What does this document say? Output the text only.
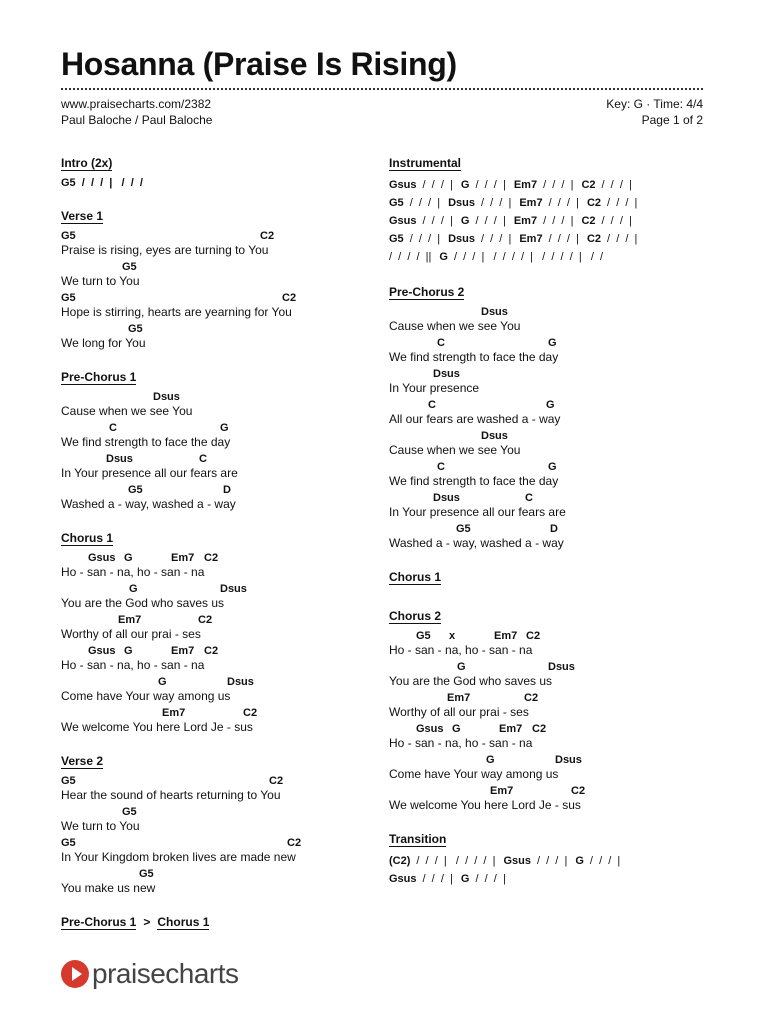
Hosanna (Praise Is Rising)
www.praisecharts.com/2382
Paul Baloche / Paul Baloche
Key: G · Time: 4/4
Page 1 of 2
Intro (2x)
G5  /  /  /  |   /  /  /
Verse 1
G5	C2
Praise is rising, eyes are turning to You
G5
We turn to You
G5	C2
Hope is stirring, hearts are yearning for You
G5
We long for You
Pre-Chorus 1
Dsus
Cause when we see You
C	G
We find strength to face the day
Dsus	C
In Your presence all our fears are
G5	D
Washed a - way, washed a - way
Chorus 1
Gsus G	Em7 C2
Ho - san - na, ho - san - na
G	Dsus
You are the God who saves us
Em7	C2
Worthy of all our prai - ses
Gsus G	Em7 C2
Ho - san - na, ho - san - na
G	Dsus
Come have Your way among us
Em7	C2
We welcome You here Lord Je - sus
Verse 2
G5	C2
Hear the sound of hearts returning to You
G5
We turn to You
G5	C2
In Your Kingdom broken lives are made new
G5
You make us new
Pre-Chorus 1 > Chorus 1
Instrumental
Gsus /  /  /  | G /  /  /  | Em7 /  /  /  | C2 /  /  /  |
G5 /  /  /  | Dsus /  /  /  | Em7 /  /  /  | C2 /  /  /  |
Gsus /  /  /  | G /  /  /  | Em7 /  /  /  | C2 /  /  /  |
G5 /  /  /  | Dsus /  /  /  | Em7 /  /  /  | C2 /  /  /  |
/  /  /  /  || G /  /  /  |   /  /  /  /  |   /  /  /  /  |   /  /
Pre-Chorus 2
Dsus
Cause when we see You
C	G
We find strength to face the day
Dsus
In Your presence
C	G
All our fears are washed a - way
Dsus
Cause when we see You
C	G
We find strength to face the day
Dsus	C
In Your presence all our fears are
G5	D
Washed a - way, washed a - way
Chorus 1
Chorus 2
G5 x	Em7 C2
Ho - san - na, ho - san - na
G	Dsus
You are the God who saves us
Em7	C2
Worthy of all our prai - ses
Gsus G	Em7 C2
Ho - san - na, ho - san - na
G	Dsus
Come have Your way among us
Em7	C2
We welcome You here Lord Je - sus
Transition
(C2) /  /  /  |   /  /  /  /  | Gsus /  /  /  | G /  /  /  |
Gsus /  /  /  | G /  /  /  |
praisecharts
